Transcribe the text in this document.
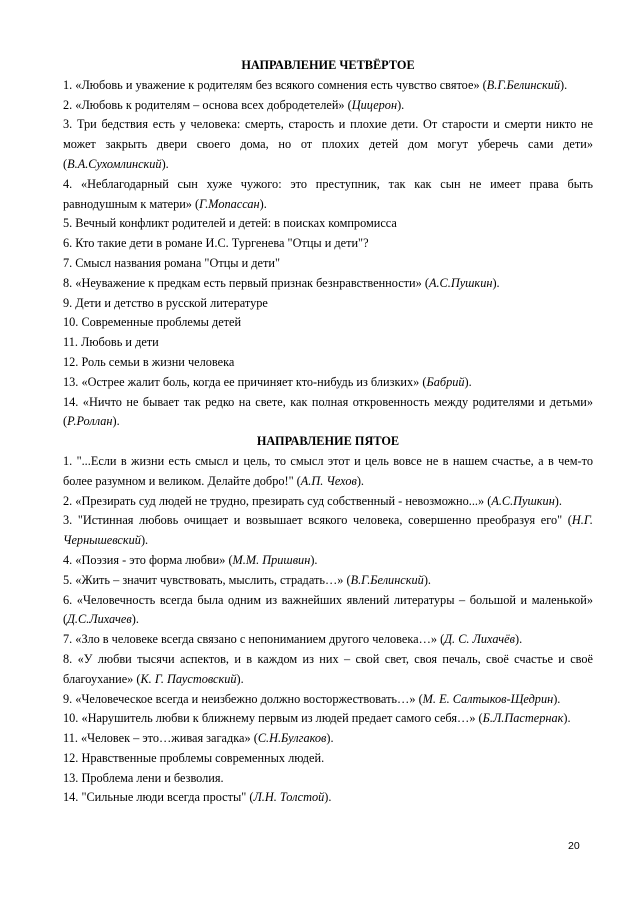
НАПРАВЛЕНИЕ ЧЕТВЁРТОЕ

1. «Любовь и уважение к родителям без всякого сомнения есть чувство святое» (В.Г.Белинский).

2. «Любовь к родителям – основа всех добродетелей» (Цицерон).

3. Три бедствия есть у человека: смерть, старость и плохие дети. От старости и смерти никто не может закрыть двери своего дома, но от плохих детей дом могут уберечь сами дети» (В.А.Сухомлинский).

4. «Неблагодарный сын хуже чужого: это преступник, так как сын не имеет права быть равнодушным к матери» (Г.Мопассан).

5. Вечный конфликт родителей и детей: в поисках компромисса

6. Кто такие дети в романе И.С. Тургенева "Отцы и дети"?

7. Смысл названия романа "Отцы и дети"

8. «Неуважение к предкам есть первый признак безнравственности» (А.С.Пушкин).

9. Дети и детство в русской литературе

10. Современные проблемы детей

11. Любовь и дети

12. Роль семьи в жизни человека

13. «Острее жалит боль, когда ее причиняет кто-нибудь из близких» (Бабрий).

14. «Ничто не бывает так редко на свете, как полная откровенность между родителями и детьми» (Р.Роллан).

НАПРАВЛЕНИЕ ПЯТОЕ

1. "...Если в жизни есть смысл и цель, то смысл этот и цель вовсе не в нашем счастье, а в чем-то более разумном и великом. Делайте добро!" (А.П. Чехов).

2. «Презирать суд людей не трудно, презирать суд собственный - невозможно...» (А.С.Пушкин).

3. "Истинная любовь очищает и возвышает всякого человека, совершенно преобразуя его" (Н.Г. Чернышевский).

4. «Поэзия - это форма любви» (М.М. Пришвин).

5. «Жить – значит чувствовать, мыслить, страдать…» (В.Г.Белинский).

6. «Человечность всегда была одним из важнейших явлений литературы – большой и маленькой» (Д.С.Лихачев).

7. «Зло в человеке всегда связано с непониманием другого человека…» (Д. С. Лихачёв).

8. «У любви тысячи аспектов, и в каждом из них – свой свет, своя печаль, своё счастье и своё благоухание» (К. Г. Паустовский).

9. «Человеческое всегда и неизбежно должно восторжествовать…» (М. Е. Салтыков-Щедрин).

10. «Нарушитель любви к ближнему первым из людей предает самого себя…» (Б.Л.Пастернак).

11. «Человек – это…живая загадка» (С.Н.Булгаков).

12. Нравственные проблемы современных людей.

13. Проблема лени и безволия.

14. "Сильные люди всегда просты" (Л.Н. Толстой).

20
